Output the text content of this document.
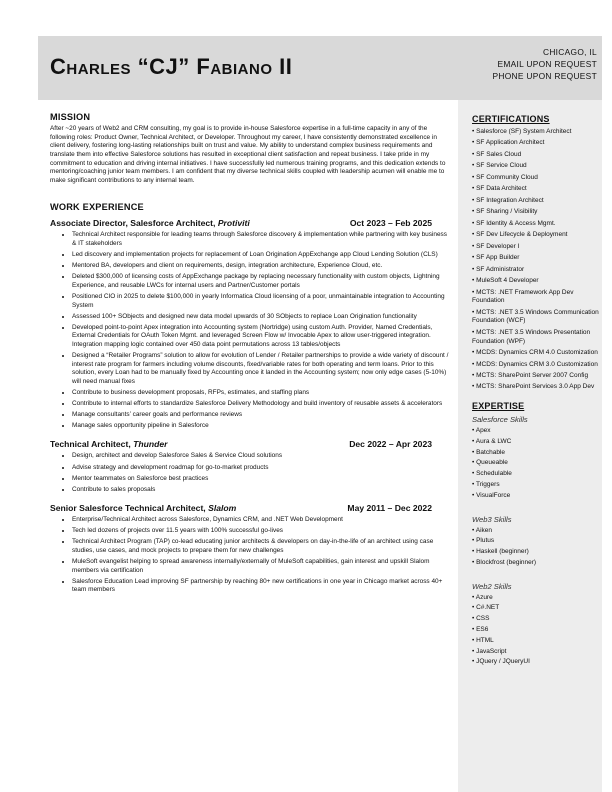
Charles “CJ” Fabiano II
CHICAGO, IL
EMAIL UPON REQUEST
PHONE UPON REQUEST
CERTIFICATIONS
• Salesforce (SF) System Architect
• SF Application Architect
• SF Sales Cloud
• SF Service Cloud
• SF Community Cloud
• SF Data Architect
• SF Integration Architect
• SF Sharing / Visibility
• SF Identity & Access Mgmt.
• SF Dev Lifecycle & Deployment
• SF Developer I
• SF App Builder
• SF Administrator
• MuleSoft 4 Developer
• MCTS: .NET Framework App Dev Foundation
• MCTS: .NET 3.5 Windows Communication Foundation (WCF)
• MCTS: .NET 3.5 Windows Presentation Foundation (WPF)
• MCDS: Dynamics CRM 4.0 Customization
• MCDS: Dynamics CRM 3.0 Customization
• MCTS: SharePoint Server 2007 Config
• MCTS: SharePoint Services 3.0 App Dev
EXPERTISE
Salesforce Skills
• Apex
• Aura & LWC
• Batchable
• Queueable
• Schedulable
• Triggers
• VisualForce
Web3 Skills
• Aiken
• Plutus
• Haskell (beginner)
• Blockfrost (beginner)
Web2 Skills
• Azure
• C#.NET
• CSS
• ES6
• HTML
• JavaScript
• JQuery / JQueryUI
MISSION
After ~20 years of Web2 and CRM consulting, my goal is to provide in-house Salesforce expertise in a full-time capacity in any of the following roles: Product Owner, Technical Architect, or Developer. Throughout my career, I have consistently demonstrated excellence in client delivery, fostering long-lasting relationships built on trust and value. My ability to understand complex business requirements and translate them into effective Salesforce solutions has resulted in exceptional client satisfaction and repeat business. I take pride in my commitment to education and driving internal initiatives. I have successfully led numerous training programs, and this dedication extends to mentoring/coaching junior team members. I am confident that my diverse technical skills coupled with leadership acumen will enable me to make significant contributions to any internal team.
WORK EXPERIENCE
Associate Director, Salesforce Architect, Protiviti	Oct 2023 – Feb 2025
• Technical Architect responsible for leading teams through Salesforce discovery & implementation while partnering with key business & IT stakeholders
• Led discovery and implementation projects for replacement of Loan Origination AppExchange app Cloud Lending Solution (CLS)
• Mentored BA, developers and client on requirements, design, integration architecture, Experience Cloud, etc.
• Deleted $300,000 of licensing costs of AppExchange package by replacing necessary functionality with custom objects, Lightning Experience, and reusable LWCs for internal users and Partner/Customer portals
• Positioned CIO in 2025 to delete $100,000 in yearly Informatica Cloud licensing of a poor, unmaintainable integration to Accounting System
• Assessed 100+ SObjects and designed new data model upwards of 30 SObjects to replace Loan Origination functionality
• Developed point-to-point Apex integration into Accounting system (Nortridge) using custom Auth. Provider, Named Credentials, External Credentials for OAuth Token Mgmt. and leveraged Screen Flow w/ Invocable Apex to allow user-triggered integration. Integration mapping logic contained over 450 data point permutations across 13 tables/objects
• Designed a “Retailer Programs” solution to allow for evolution of Lender / Retailer partnerships to provide a wide variety of discount / interest rate program for farmers including volume discounts, fixed/variable rates for both operating and term loans. Prior to this solution, every Loan had to be manually fixed by Accounting once it landed in the Accounting system; now only edge cases (5-10%) will need manual fixes
• Contribute to business development proposals, RFPs, estimates, and staffing plans
• Contribute to internal efforts to standardize Salesforce Delivery Methodology and build inventory of reusable assets & accelerators
• Manage consultants’ career goals and performance reviews
• Manage sales opportunity pipeline in Salesforce
Technical Architect, Thunder	Dec 2022 – Apr 2023
• Design, architect and develop Salesforce Sales & Service Cloud solutions
• Advise strategy and development roadmap for go-to-market products
• Mentor teammates on Salesforce best practices
• Contribute to sales proposals
Senior Salesforce Technical Architect, Slalom	May 2011 – Dec 2022
• Enterprise/Technical Architect across Salesforce, Dynamics CRM, and .NET Web Development
• Tech led dozens of projects over 11.5 years with 100% successful go-lives
• Technical Architect Program (TAP) co-lead educating junior architects & developers on day-in-the-life of an architect using case studies, use cases, and mock projects to prepare them for new challenges
• MuleSoft evangelist helping to spread awareness internally/externally of MuleSoft capabilities, gain interest and upskill Slalom members via certification
• Salesforce Education Lead improving SF partnership by reaching 80+ new certifications in one year in Chicago market across 40+ team members
